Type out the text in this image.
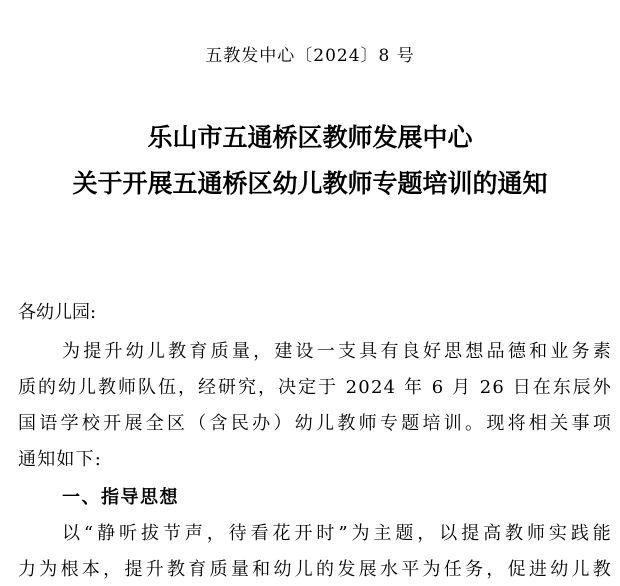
五教发中心〔2024〕8 号
乐山市五通桥区教师发展中心
关于开展五通桥区幼儿教师专题培训的通知
各幼儿园:
为提升幼儿教育质量，建设一支具有良好思想品德和业务素
质的幼儿教师队伍，经研究，决定于 2024 年 6 月 26 日在东辰外
国语学校开展全区（含民办）幼儿教师专题培训。现将相关事项
通知如下:
一、指导思想
以“静听拔节声，待看花开时”为主题，以提高教师实践能
力为根本，提升教育质量和幼儿的发展水平为任务，促进幼儿教
